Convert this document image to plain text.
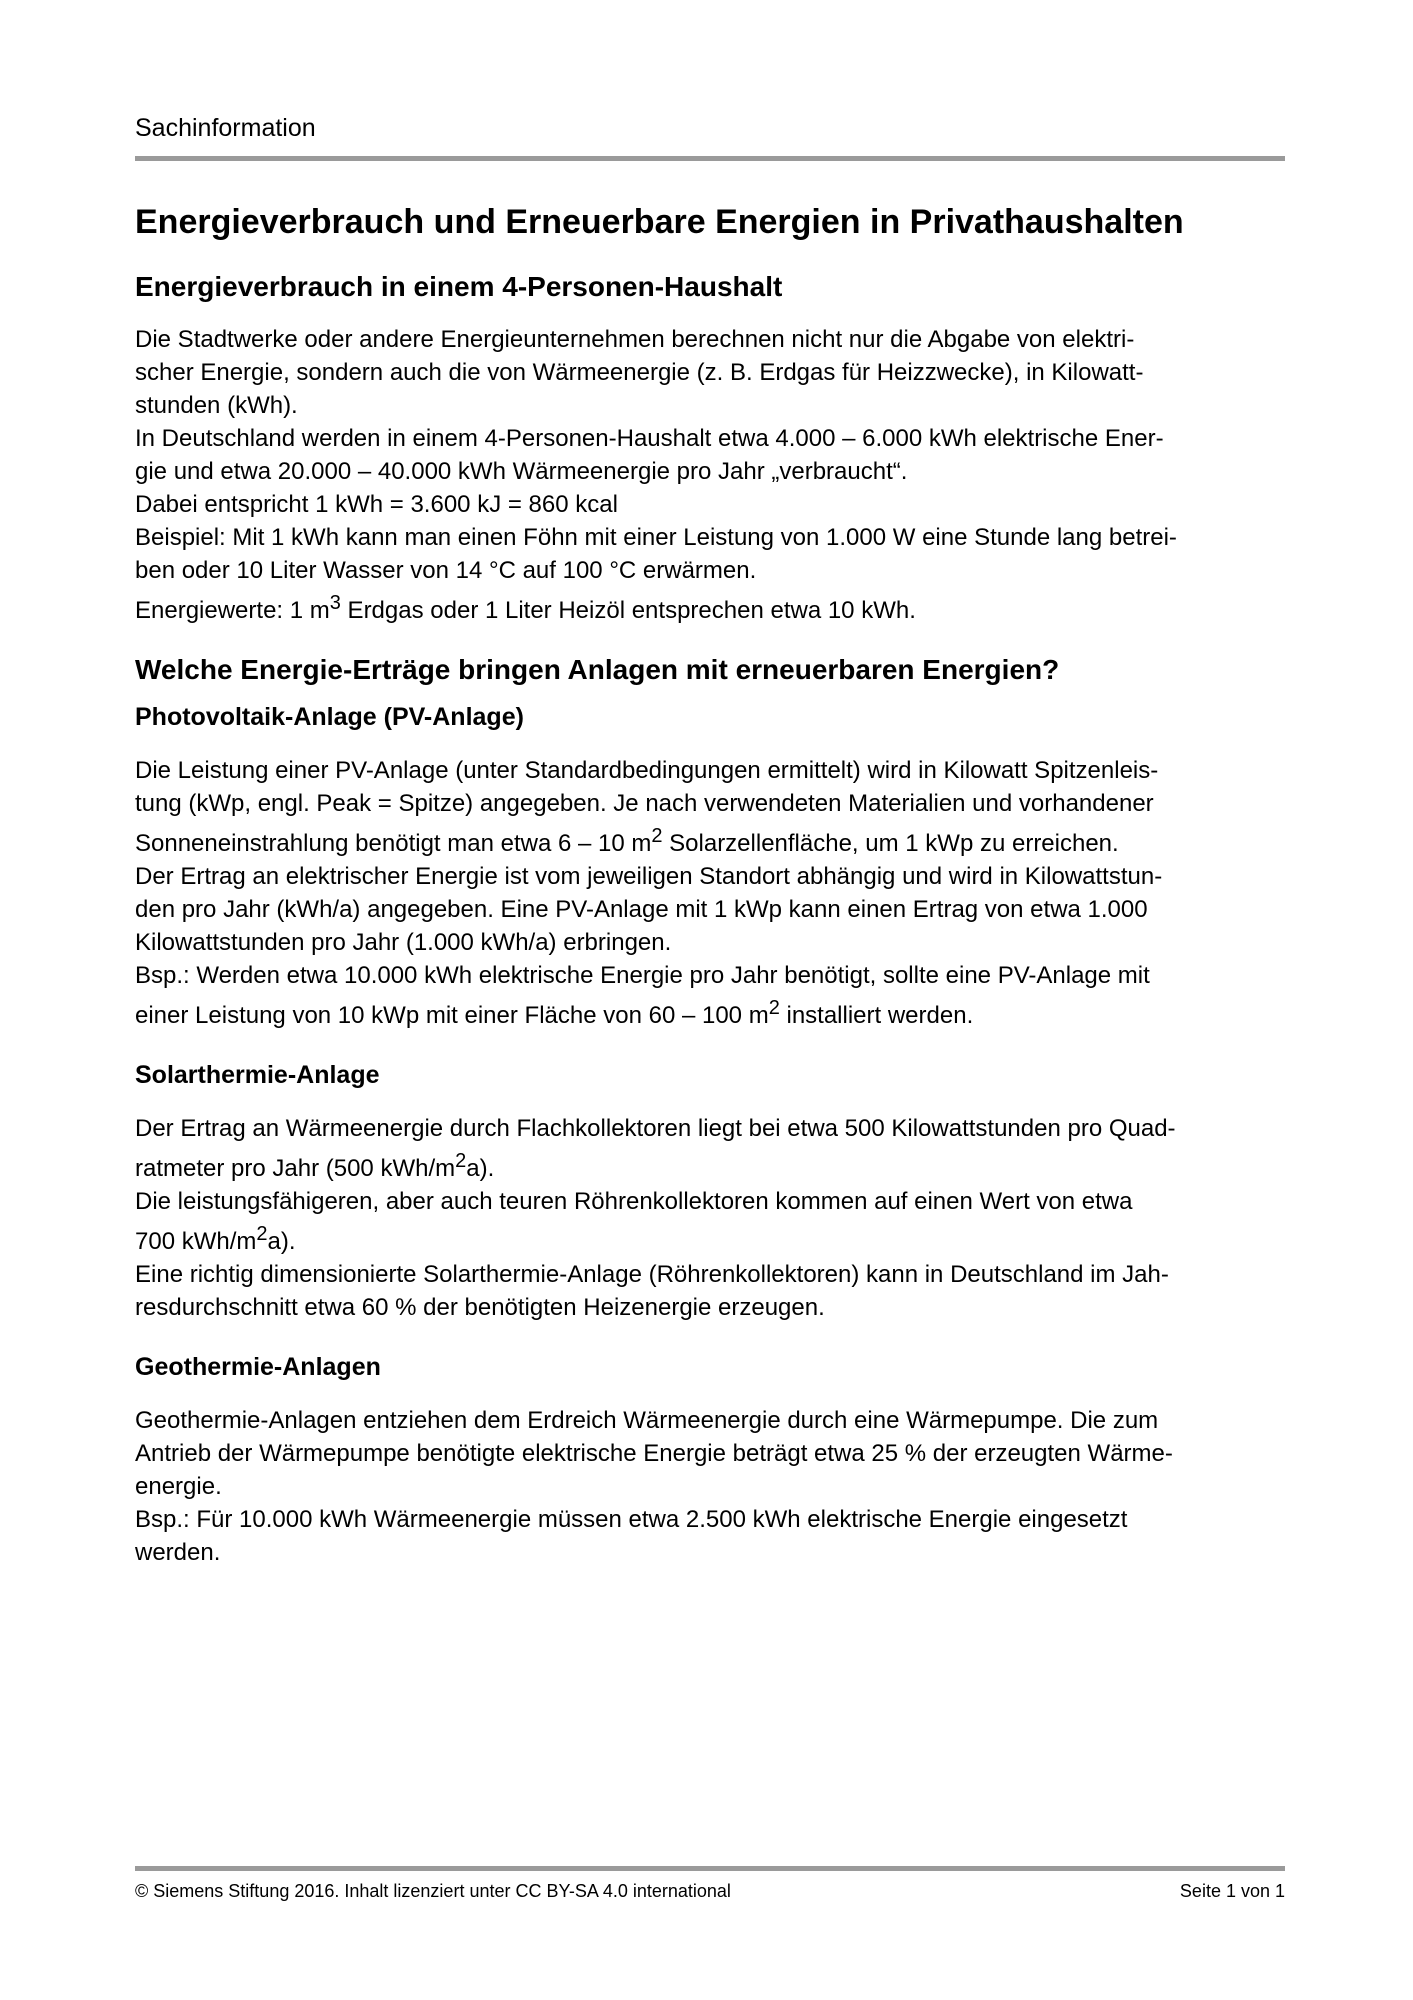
Sachinformation
Energieverbrauch und Erneuerbare Energien in Privathaushalten
Energieverbrauch in einem 4-Personen-Haushalt

Die Stadtwerke oder andere Energieunternehmen berechnen nicht nur die Abgabe von elektri-

scher Energie, sondern auch die von Wärmeenergie (z. B. Erdgas für Heizzwecke), in Kilowatt-

stunden (kWh).

In Deutschland werden in einem 4-Personen-Haushalt etwa 4.000 – 6.000 kWh elektrische Ener-

gie und etwa 20.000 – 40.000 kWh Wärmeenergie pro Jahr „verbraucht“.

Dabei entspricht 1 kWh = 3.600 kJ = 860 kcal

Beispiel: Mit 1 kWh kann man einen Föhn mit einer Leistung von 1.000 W eine Stunde lang betrei-

ben oder 10 Liter Wasser von 14 °C auf 100 °C erwärmen.

Energiewerte: 1 $m^3$ Erdgas oder 1 Liter Heizöl entsprechen etwa 10 kWh.

Welche Energie-Erträge bringen Anlagen mit erneuerbaren Energien?
Photovoltaik-Anlage (PV-Anlage)

Die Leistung einer PV-Anlage (unter Standardbedingungen ermittelt) wird in Kilowatt Spitzenleis-

tung (kWp, engl. Peak = Spitze) angegeben. Je nach verwendeten Materialien und vorhandener

Sonneneinstrahlung benötigt man etwa 6 – 10 $m^2$ Solarzellenfläche, um 1 kWp zu erreichen.

Der Ertrag an elektrischer Energie ist vom jeweiligen Standort abhängig und wird in Kilowattstun-

den pro Jahr (kWh/a) angegeben. Eine PV-Anlage mit 1 kWp kann einen Ertrag von etwa 1.000

Kilowattstunden pro Jahr (1.000 kWh/a) erbringen.

Bsp.: Werden etwa 10.000 kWh elektrische Energie pro Jahr benötigt, sollte eine PV-Anlage mit

einer Leistung von 10 kWp mit einer Fläche von 60 – 100 $m^2$ installiert werden.

Solarthermie-Anlage

Der Ertrag an Wärmeenergie durch Flachkollektoren liegt bei etwa 500 Kilowattstunden pro Quad-

ratmeter pro Jahr (500 kWh/$m^2a$).

Die leistungsfähigeren, aber auch teuren Röhrenkollektoren kommen auf einen Wert von etwa

700 kWh/$m^2a$).

Eine richtig dimensionierte Solarthermie-Anlage (Röhrenkollektoren) kann in Deutschland im Jah-

resdurchschnitt etwa 60 % der benötigten Heizenergie erzeugen.

Geothermie-Anlagen

Geothermie-Anlagen entziehen dem Erdreich Wärmeenergie durch eine Wärmepumpe. Die zum

Antrieb der Wärmepumpe benötigte elektrische Energie beträgt etwa 25 % der erzeugten Wärme-

energie.

Bsp.: Für 10.000 kWh Wärmeenergie müssen etwa 2.500 kWh elektrische Energie eingesetzt

werden.

© Siemens Stiftung 2016. Inhalt lizenziert unter CC BY-SA 4.0 international	Seite 1 von 1
